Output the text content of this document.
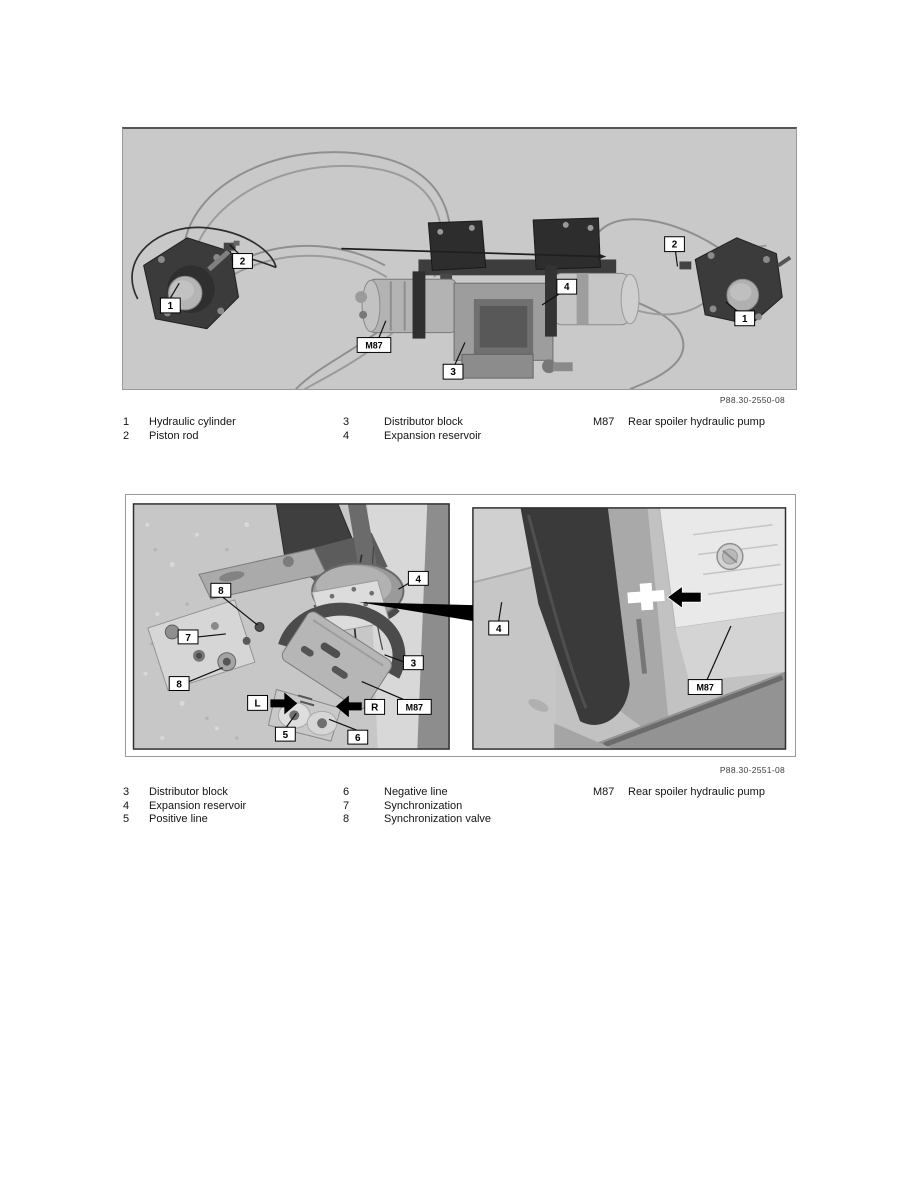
1
2
M87
3
4
2
1
P88.30-2550-08
1	Hydraulic cylinder
2	Piston rod
3	Distributor block
4	Expansion reservoir
M87	Rear spoiler hydraulic pump
4
8
7
3
8
L	R	M87
5	6
4
M87
P88.30-2551-08
3	Distributor block
4	Expansion reservoir
5	Positive line
6	Negative line
7	Synchronization
8	Synchronization valve
M87	Rear spoiler hydraulic pump
